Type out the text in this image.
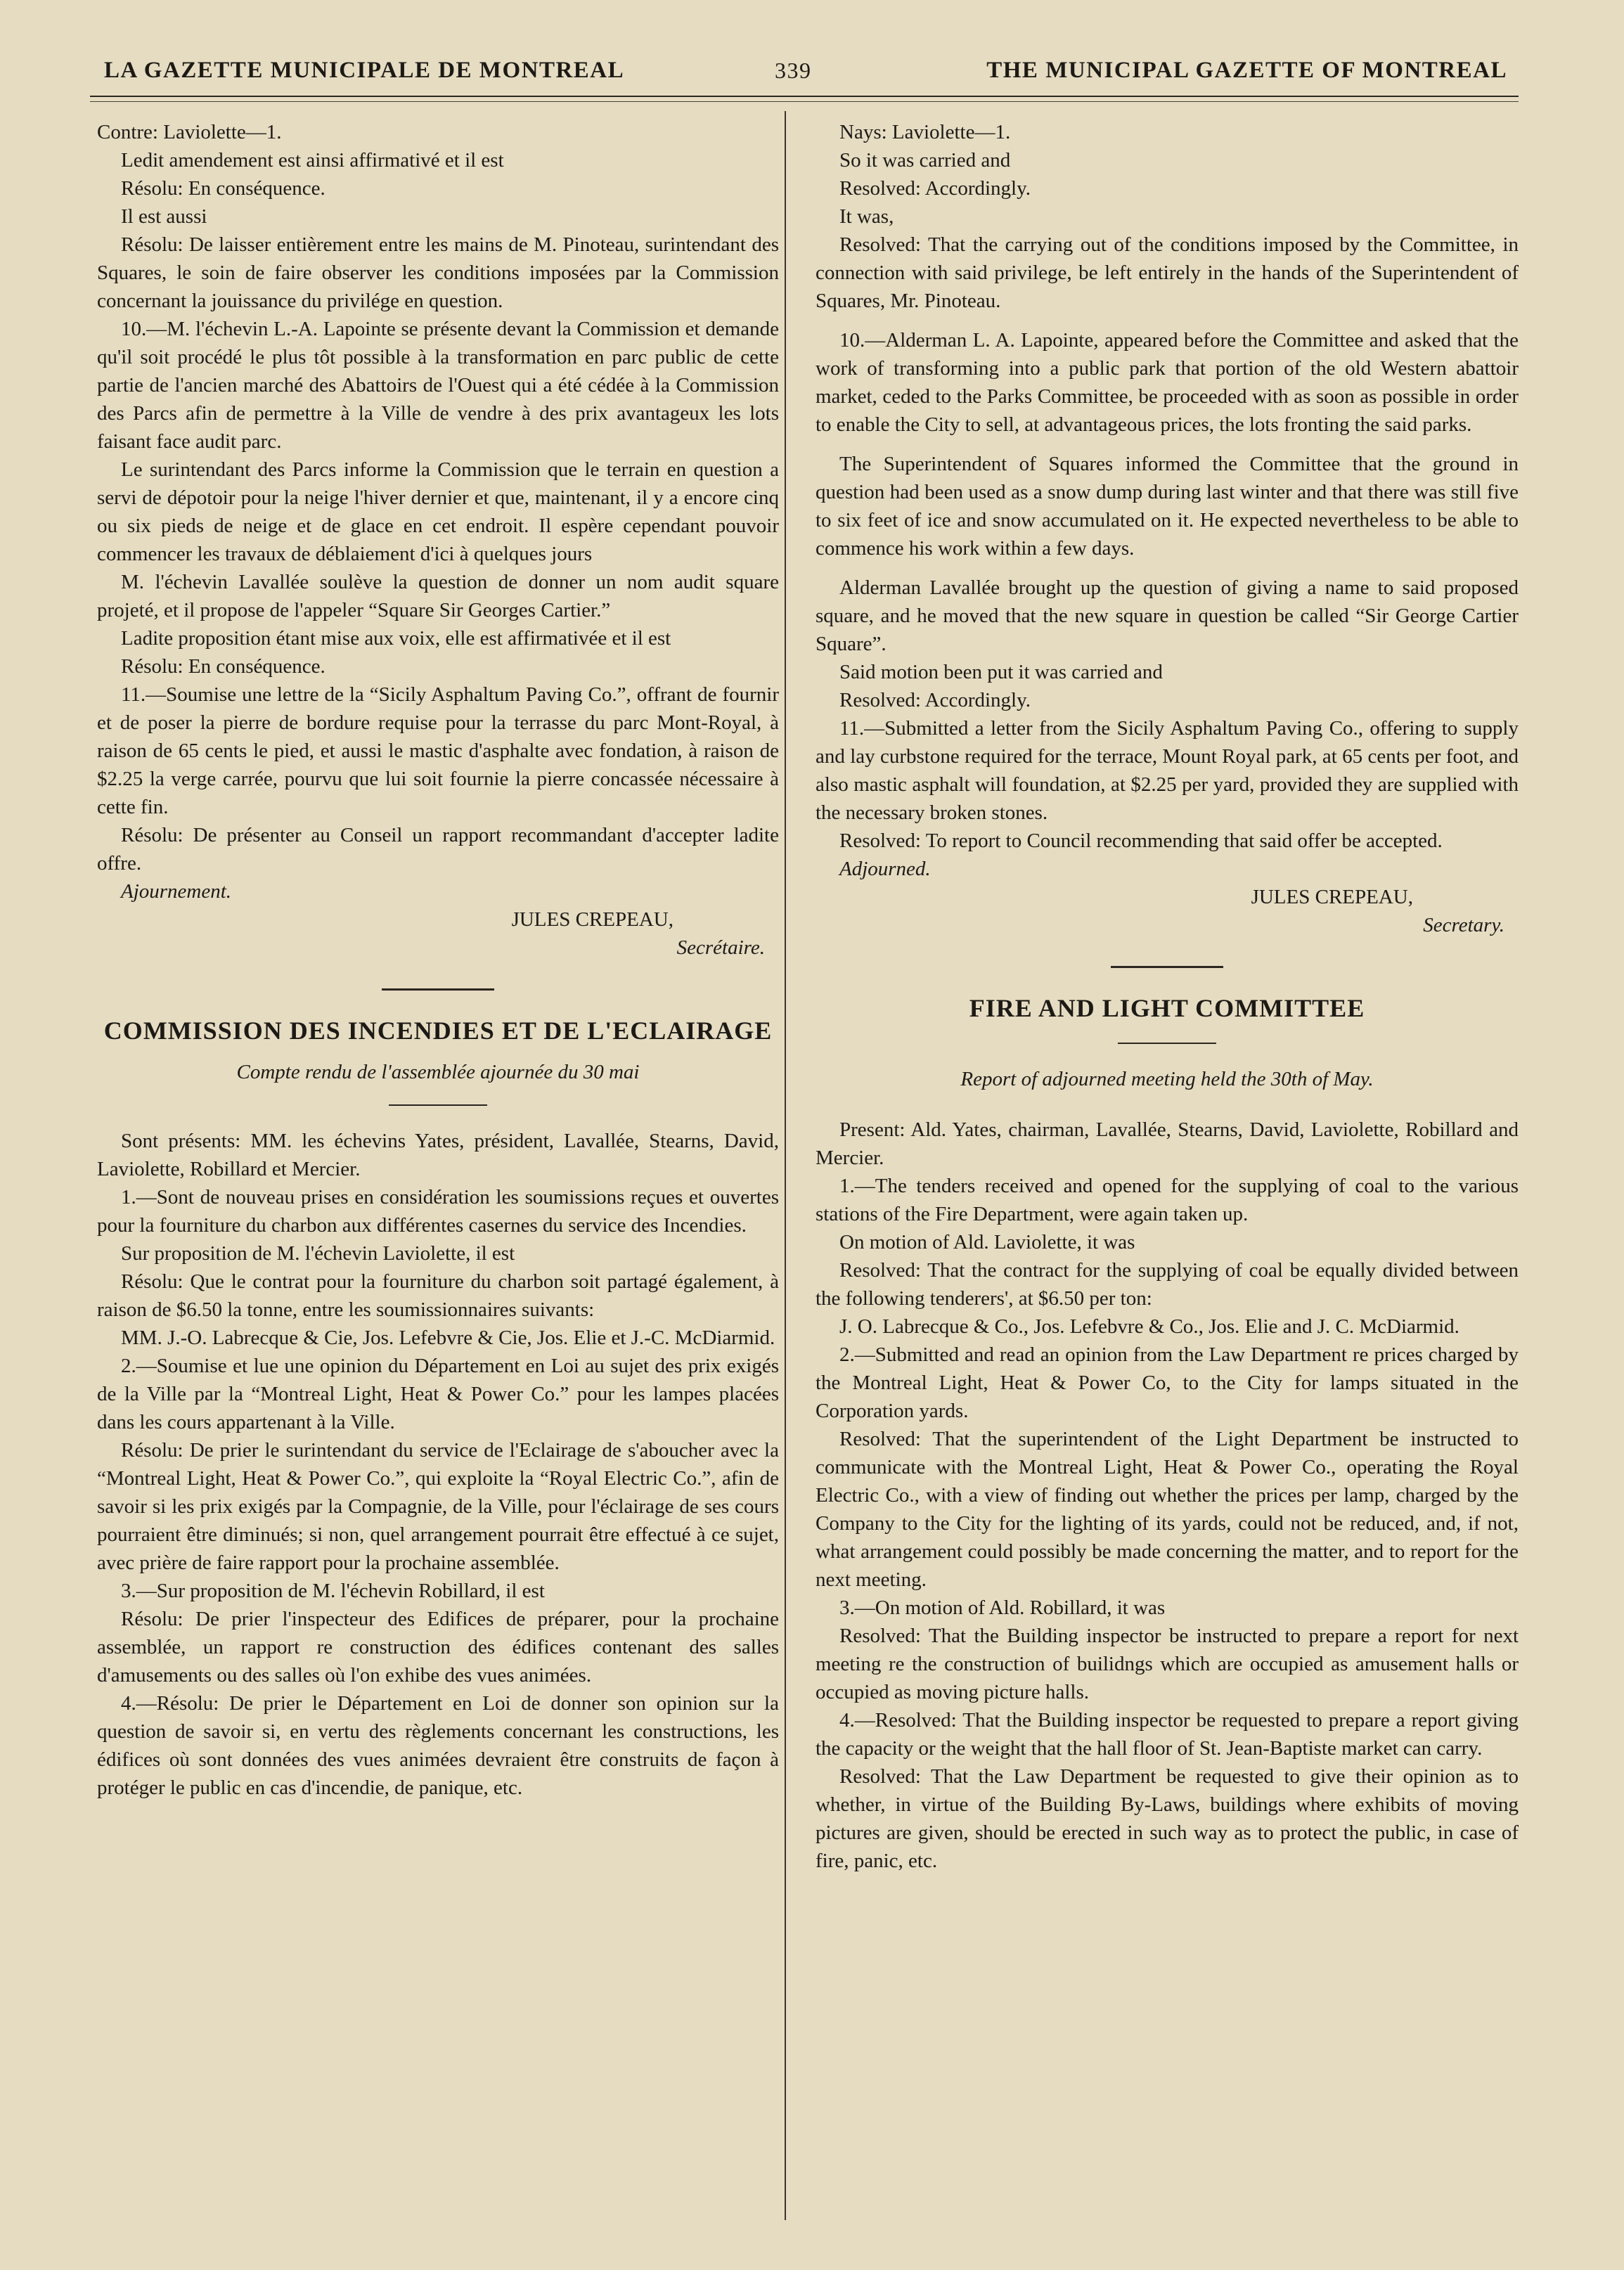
LA GAZETTE MUNICIPALE DE MONTREAL	339	THE MUNICIPAL GAZETTE OF MONTREAL

Contre: Laviolette—1.

Ledit amendement est ainsi affirmativé et il est

Résolu: En conséquence.

Il est aussi

Résolu: De laisser entièrement entre les mains de M. Pinoteau, surintendant des Squares, le soin de faire observer les conditions imposées par la Commission concernant la jouissance du privilége en question.

10.—M. l'échevin L.-A. Lapointe se présente devant la Commission et demande qu'il soit procédé le plus tôt possible à la transformation en parc public de cette partie de l'ancien marché des Abattoirs de l'Ouest qui a été cédée à la Commission des Parcs afin de permettre à la Ville de vendre à des prix avantageux les lots faisant face audit parc.

Le surintendant des Parcs informe la Commission que le terrain en question a servi de dépotoir pour la neige l'hiver dernier et que, maintenant, il y a encore cinq ou six pieds de neige et de glace en cet endroit. Il espère cependant pouvoir commencer les travaux de déblaiement d'ici à quelques jours

M. l'échevin Lavallée soulève la question de donner un nom audit square projeté, et il propose de l'appeler “Square Sir Georges Cartier.”

Ladite proposition étant mise aux voix, elle est affirmativée et il est

Résolu: En conséquence.

11.—Soumise une lettre de la “Sicily Asphaltum Paving Co.”, offrant de fournir et de poser la pierre de bordure requise pour la terrasse du parc Mont-Royal, à raison de 65 cents le pied, et aussi le mastic d'asphalte avec fondation, à raison de $2.25 la verge carrée, pourvu que lui soit fournie la pierre concassée nécessaire à cette fin.

Résolu: De présenter au Conseil un rapport recommandant d'accepter ladite offre.

Ajournement.

JULES CREPEAU,

Secrétaire.

COMMISSION DES INCENDIES ET DE L'ECLAIRAGE

Compte rendu de l'assemblée ajournée du 30 mai

Sont présents: MM. les échevins Yates, président, Lavallée, Stearns, David, Laviolette, Robillard et Mercier.

1.—Sont de nouveau prises en considération les soumissions reçues et ouvertes pour la fourniture du charbon aux différentes casernes du service des Incendies.

Sur proposition de M. l'échevin Laviolette, il est

Résolu: Que le contrat pour la fourniture du charbon soit partagé également, à raison de $6.50 la tonne, entre les soumissionnaires suivants:

MM. J.-O. Labrecque & Cie, Jos. Lefebvre & Cie, Jos. Elie et J.-C. McDiarmid.

2.—Soumise et lue une opinion du Département en Loi au sujet des prix exigés de la Ville par la “Montreal Light, Heat & Power Co.” pour les lampes placées dans les cours appartenant à la Ville.

Résolu: De prier le surintendant du service de l'Eclairage de s'aboucher avec la “Montreal Light, Heat & Power Co.”, qui exploite la “Royal Electric Co.”, afin de savoir si les prix exigés par la Compagnie, de la Ville, pour l'éclairage de ses cours pourraient être diminués; si non, quel arrangement pourrait être effectué à ce sujet, avec prière de faire rapport pour la prochaine assemblée.

3.—Sur proposition de M. l'échevin Robillard, il est

Résolu: De prier l'inspecteur des Edifices de préparer, pour la prochaine assemblée, un rapport re construction des édifices contenant des salles d'amusements ou des salles où l'on exhibe des vues animées.

4.—Résolu: De prier le Département en Loi de donner son opinion sur la question de savoir si, en vertu des règlements concernant les constructions, les édifices où sont données des vues animées devraient être construits de façon à protéger le public en cas d'incendie, de panique, etc.

Nays: Laviolette—1.

So it was carried and

Resolved: Accordingly.

It was,

Resolved: That the carrying out of the conditions imposed by the Committee, in connection with said privilege, be left entirely in the hands of the Superintendent of Squares, Mr. Pinoteau.

10.—Alderman L. A. Lapointe, appeared before the Committee and asked that the work of transforming into a public park that portion of the old Western abattoir market, ceded to the Parks Committee, be proceeded with as soon as possible in order to enable the City to sell, at advantageous prices, the lots fronting the said parks.

The Superintendent of Squares informed the Committee that the ground in question had been used as a snow dump during last winter and that there was still five to six feet of ice and snow accumulated on it. He expected nevertheless to be able to commence his work within a few days.

Alderman Lavallée brought up the question of giving a name to said proposed square, and he moved that the new square in question be called “Sir George Cartier Square”.

Said motion been put it was carried and

Resolved: Accordingly.

11.—Submitted a letter from the Sicily Asphaltum Paving Co., offering to supply and lay curbstone required for the terrace, Mount Royal park, at 65 cents per foot, and also mastic asphalt will foundation, at $2.25 per yard, provided they are supplied with the necessary broken stones.

Resolved: To report to Council recommending that said offer be accepted.

Adjourned.

JULES CREPEAU,

Secretary.

FIRE AND LIGHT COMMITTEE

Report of adjourned meeting held the 30th of May.

Present: Ald. Yates, chairman, Lavallée, Stearns, David, Laviolette, Robillard and Mercier.

1.—The tenders received and opened for the supplying of coal to the various stations of the Fire Department, were again taken up.

On motion of Ald. Laviolette, it was

Resolved: That the contract for the supplying of coal be equally divided between the following tenderers', at $6.50 per ton:

J. O. Labrecque & Co., Jos. Lefebvre & Co., Jos. Elie and J. C. McDiarmid.

2.—Submitted and read an opinion from the Law Department re prices charged by the Montreal Light, Heat & Power Co, to the City for lamps situated in the Corporation yards.

Resolved: That the superintendent of the Light Department be instructed to communicate with the Montreal Light, Heat & Power Co., operating the Royal Electric Co., with a view of finding out whether the prices per lamp, charged by the Company to the City for the lighting of its yards, could not be reduced, and, if not, what arrangement could possibly be made concerning the matter, and to report for the next meeting.

3.—On motion of Ald. Robillard, it was

Resolved: That the Building inspector be instructed to prepare a report for next meeting re the construction of builidngs which are occupied as amusement halls or occupied as moving picture halls.

4.—Resolved: That the Building inspector be requested to prepare a report giving the capacity or the weight that the hall floor of St. Jean-Baptiste market can carry.

Resolved: That the Law Department be requested to give their opinion as to whether, in virtue of the Building By-Laws, buildings where exhibits of moving pictures are given, should be erected in such way as to protect the public, in case of fire, panic, etc.
